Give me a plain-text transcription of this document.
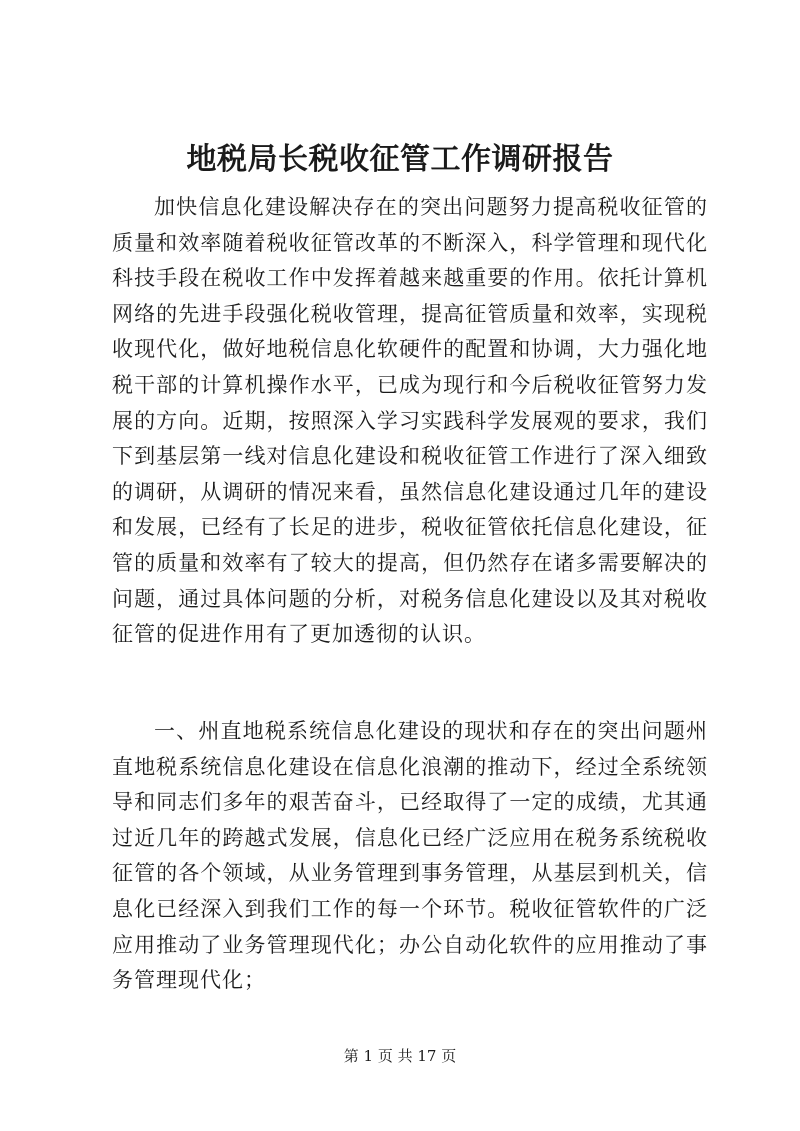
地税局长税收征管工作调研报告

加快信息化建设解决存在的突出问题努力提高税收征管的质量和效率随着税收征管改革的不断深入，科学管理和现代化科技手段在税收工作中发挥着越来越重要的作用。依托计算机网络的先进手段强化税收管理，提高征管质量和效率，实现税收现代化，做好地税信息化软硬件的配置和协调，大力强化地税干部的计算机操作水平，已成为现行和今后税收征管努力发展的方向。近期，按照深入学习实践科学发展观的要求，我们下到基层第一线对信息化建设和税收征管工作进行了深入细致的调研，从调研的情况来看，虽然信息化建设通过几年的建设和发展，已经有了长足的进步，税收征管依托信息化建设，征管的质量和效率有了较大的提高，但仍然存在诸多需要解决的问题，通过具体问题的分析，对税务信息化建设以及其对税收征管的促进作用有了更加透彻的认识。

一、州直地税系统信息化建设的现状和存在的突出问题州直地税系统信息化建设在信息化浪潮的推动下，经过全系统领导和同志们多年的艰苦奋斗，已经取得了一定的成绩，尤其通过近几年的跨越式发展，信息化已经广泛应用在税务系统税收征管的各个领域，从业务管理到事务管理，从基层到机关，信息化已经深入到我们工作的每一个环节。税收征管软件的广泛应用推动了业务管理现代化；办公自动化软件的应用推动了事务管理现代化；

第 1 页 共 17 页
